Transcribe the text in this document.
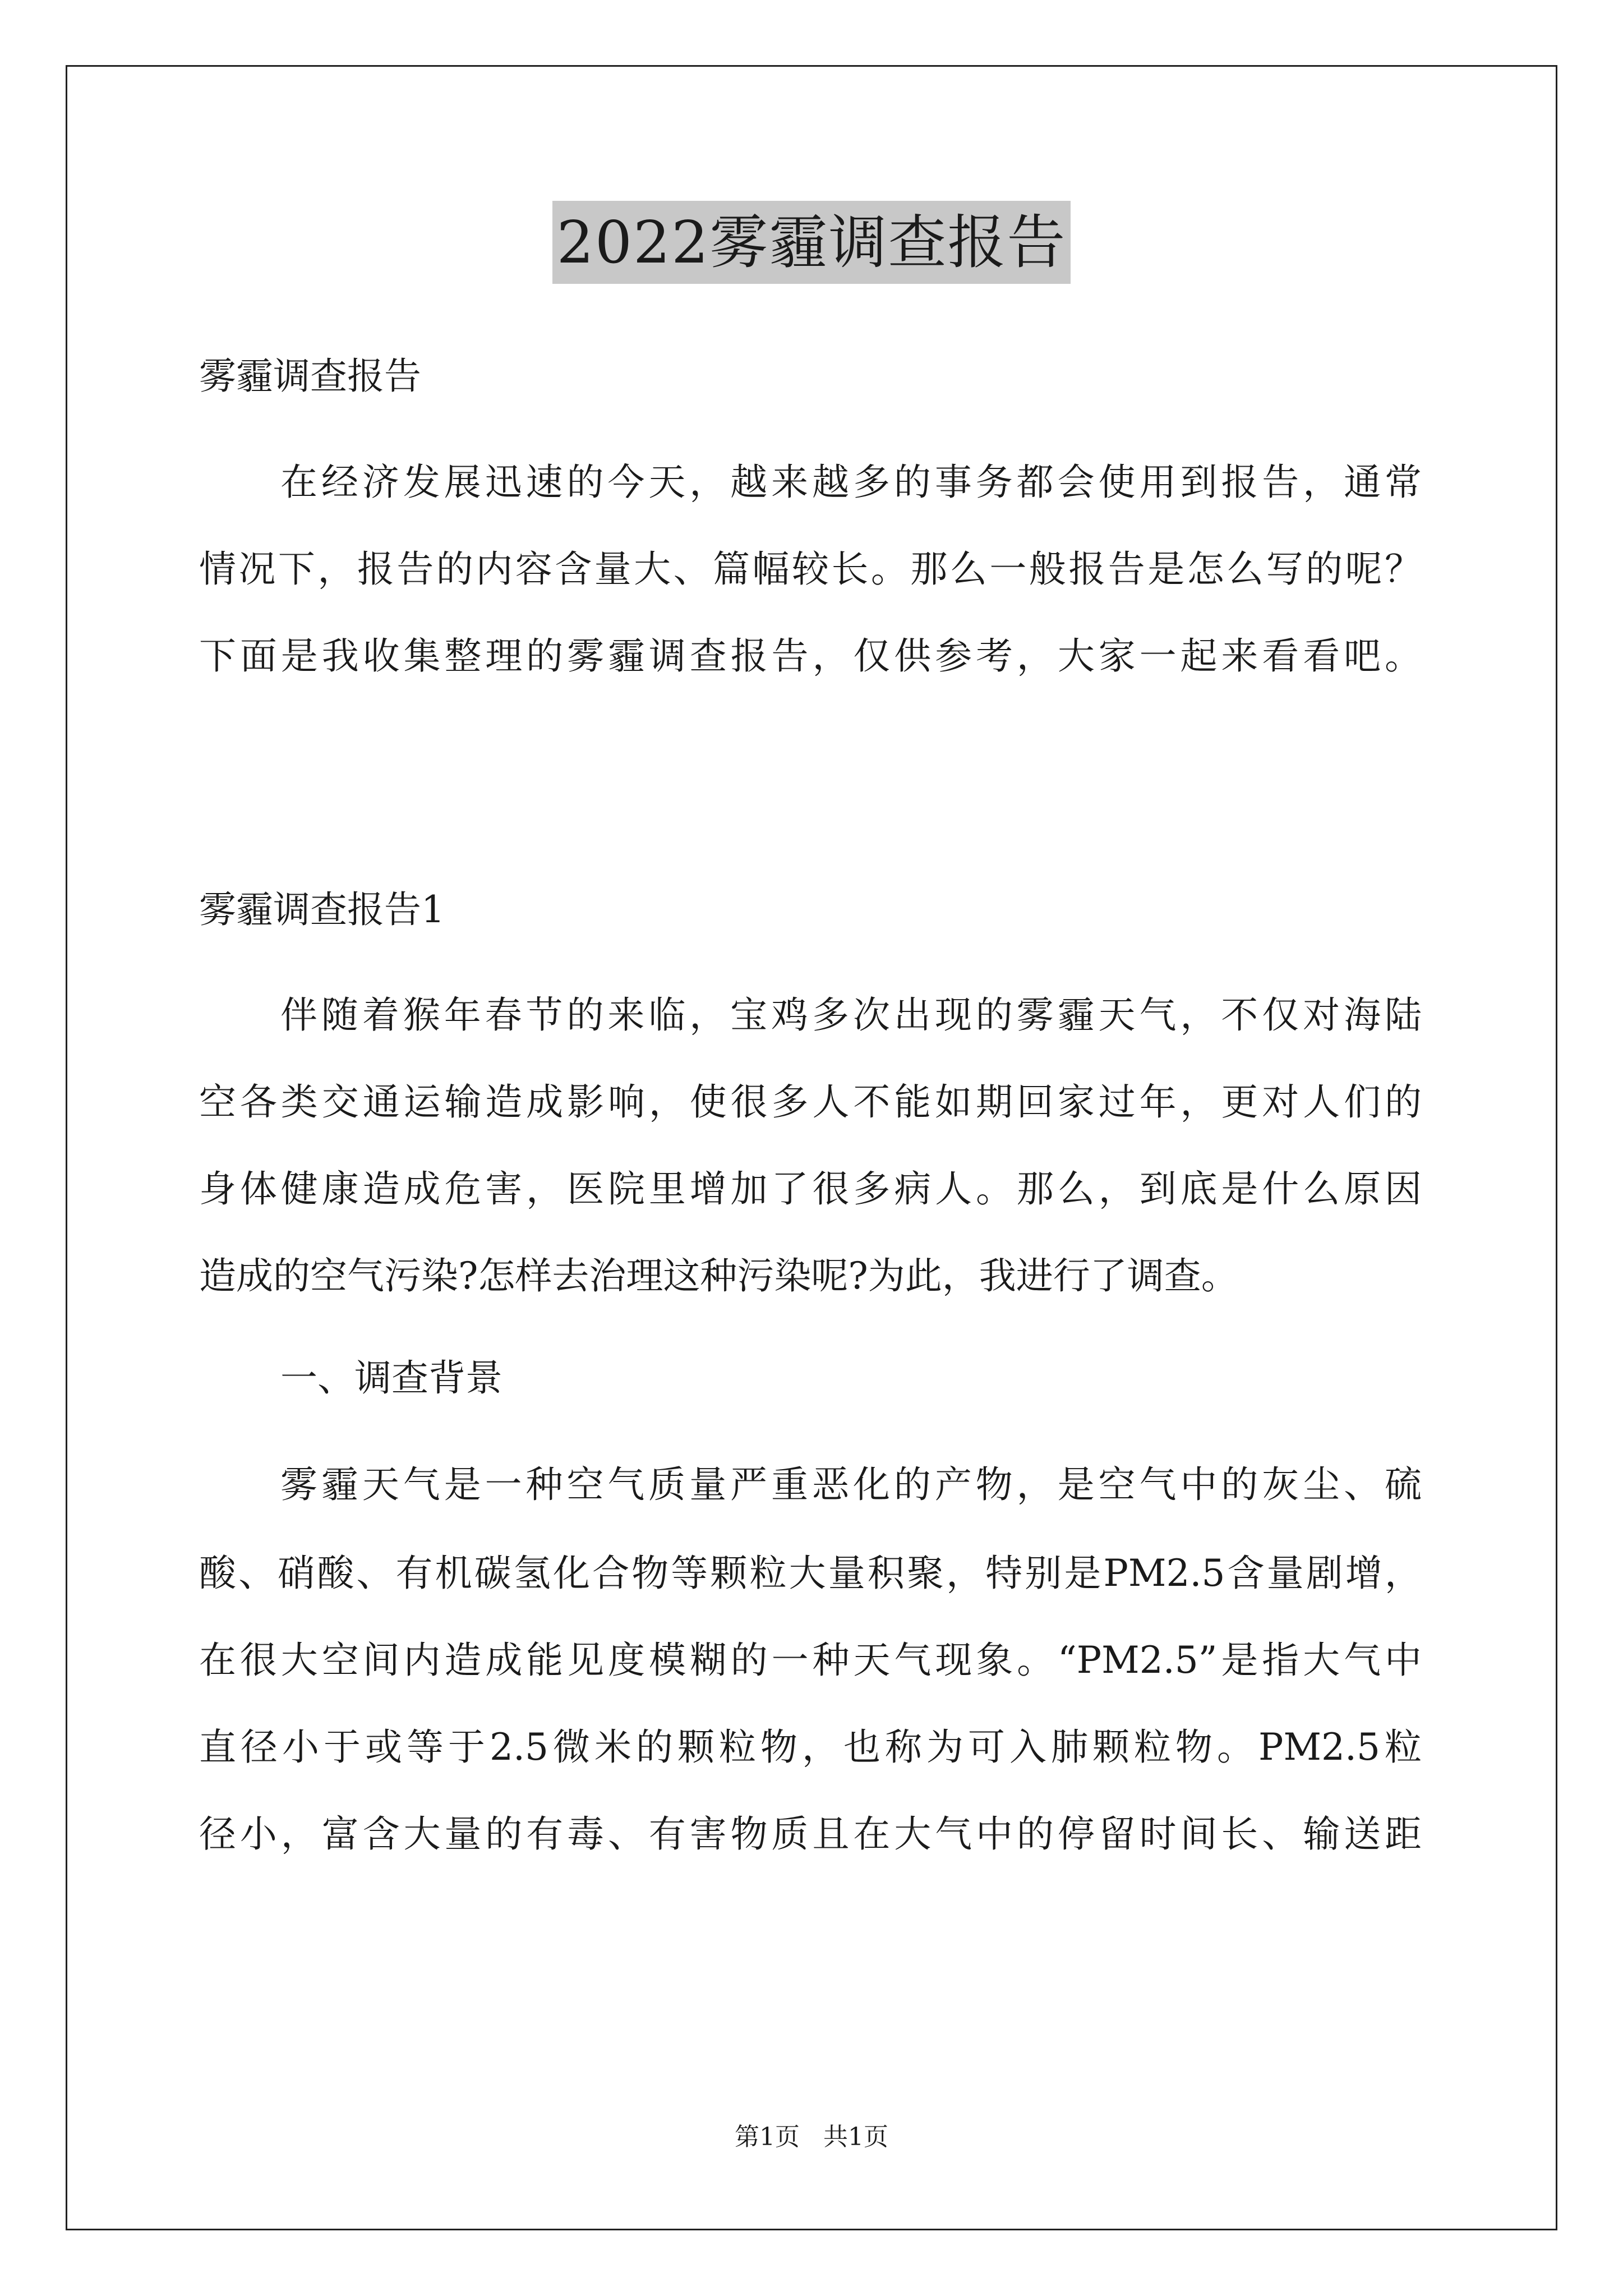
2022雾霾调查报告
雾霾调查报告
在经济发展迅速的今天，越来越多的事务都会使用到报告，通常
情况下，报告的内容含量大、篇幅较长。那么一般报告是怎么写的呢？
下面是我收集整理的雾霾调查报告，仅供参考，大家一起来看看吧。
雾霾调查报告1
伴随着猴年春节的来临，宝鸡多次出现的雾霾天气，不仅对海陆
空各类交通运输造成影响，使很多人不能如期回家过年，更对人们的
身体健康造成危害，医院里增加了很多病人。那么，到底是什么原因
造成的空气污染?怎样去治理这种污染呢?为此，我进行了调查。
一、调查背景
雾霾天气是一种空气质量严重恶化的产物，是空气中的灰尘、硫
酸、硝酸、有机碳氢化合物等颗粒大量积聚，特别是PM2.5含量剧增，
在很大空间内造成能见度模糊的一种天气现象。“PM2.5”是指大气中
直径小于或等于2.5微米的颗粒物，也称为可入肺颗粒物。PM2.5粒
径小，富含大量的有毒、有害物质且在大气中的停留时间长、输送距
第1页   共1页
